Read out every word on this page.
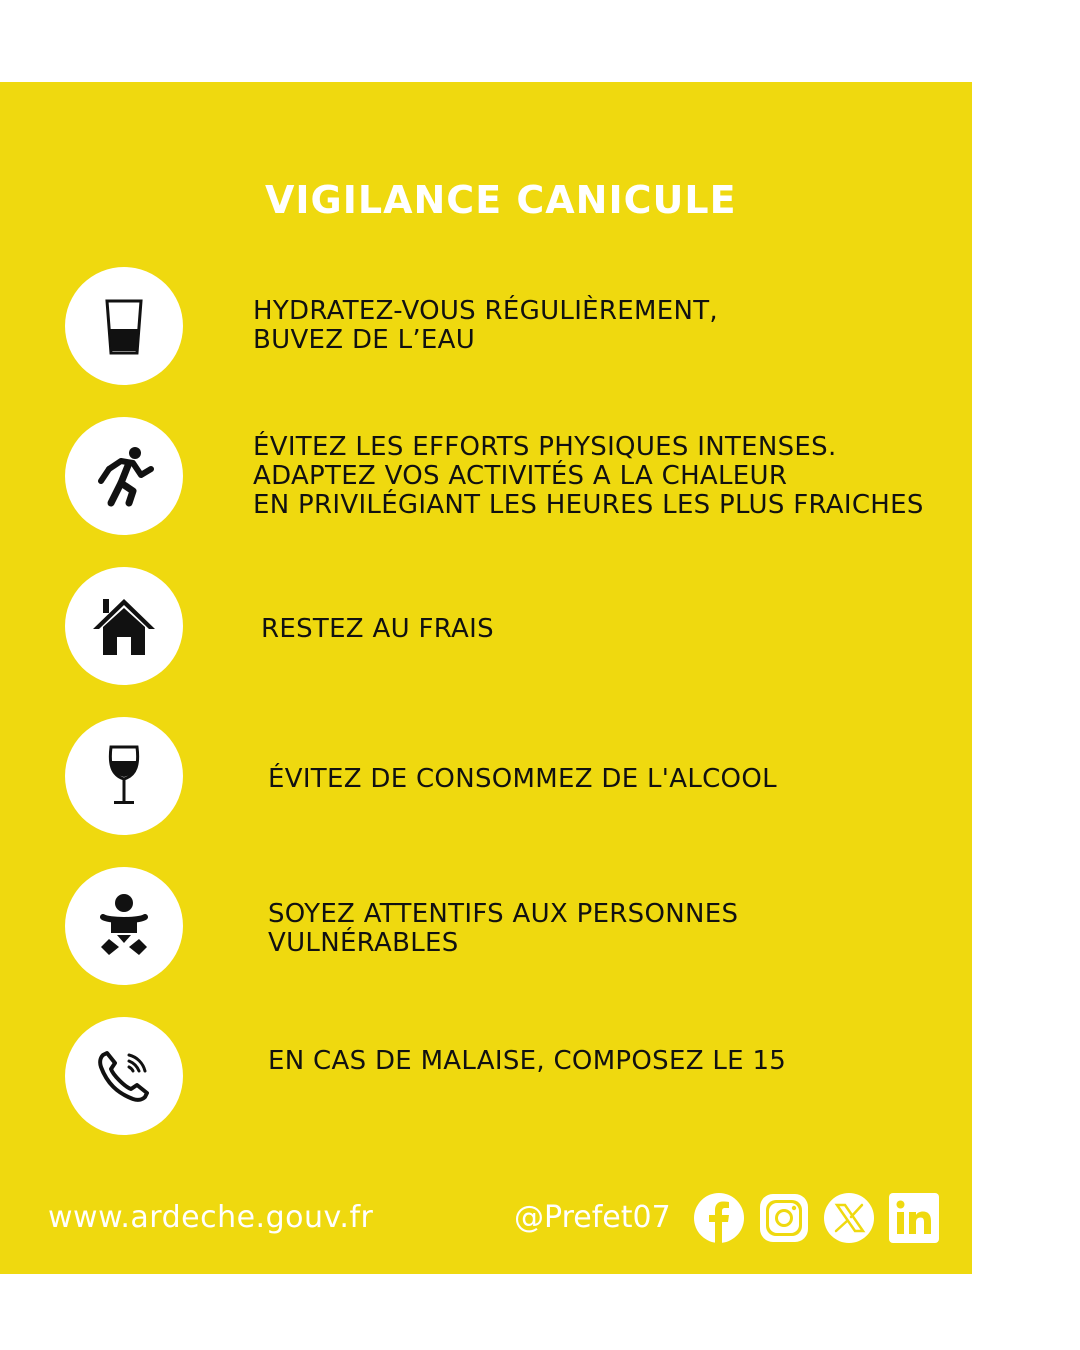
VIGILANCE CANICULE
HYDRATEZ-VOUS RÉGULIÈREMENT,
BUVEZ DE L’EAU
ÉVITEZ LES EFFORTS PHYSIQUES INTENSES.
ADAPTEZ VOS ACTIVITÉS A LA CHALEUR
EN PRIVILÉGIANT LES HEURES LES PLUS FRAICHES
RESTEZ AU FRAIS
ÉVITEZ DE CONSOMMEZ DE L'ALCOOL
SOYEZ ATTENTIFS AUX PERSONNES
VULNÉRABLES
EN CAS DE MALAISE, COMPOSEZ LE 15
www.ardeche.gouv.fr	@Prefet07
